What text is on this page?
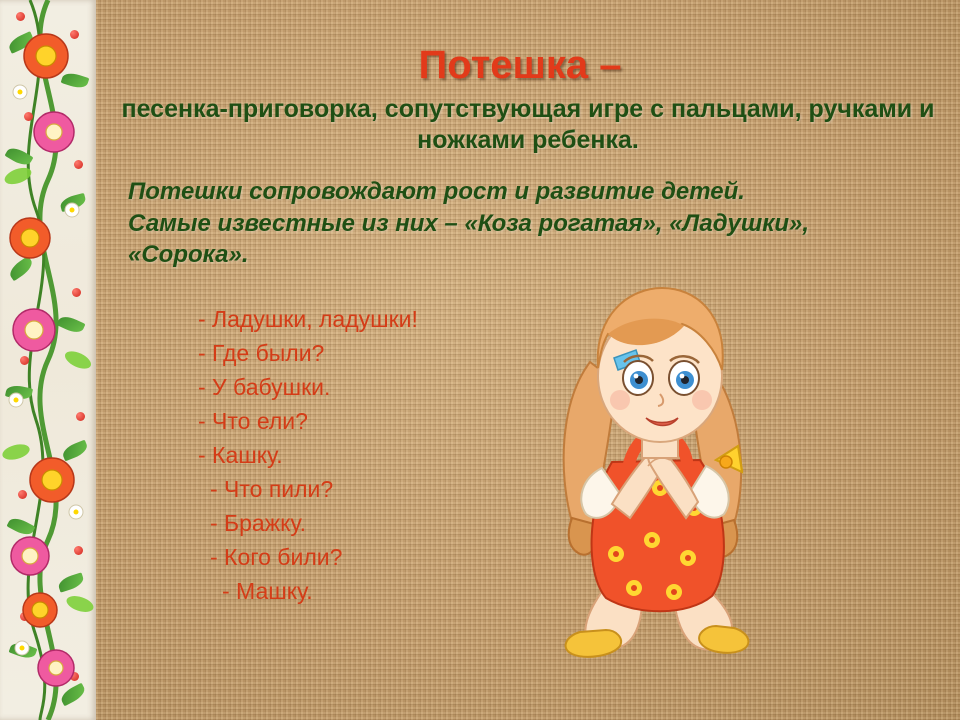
Потешка –
песенка-приговорка, сопутствующая игре с пальцами, ручками и ножками ребенка.
Потешки сопровождают рост и развитие детей. Самые известные из них – «Коза рогатая», «Ладушки», «Сорока».
- Ладушки, ладушки!
- Где были?
- У бабушки.
- Что ели?
- Кашку.
- Что пили?
- Бражку.
- Кого били?
- Машку.
